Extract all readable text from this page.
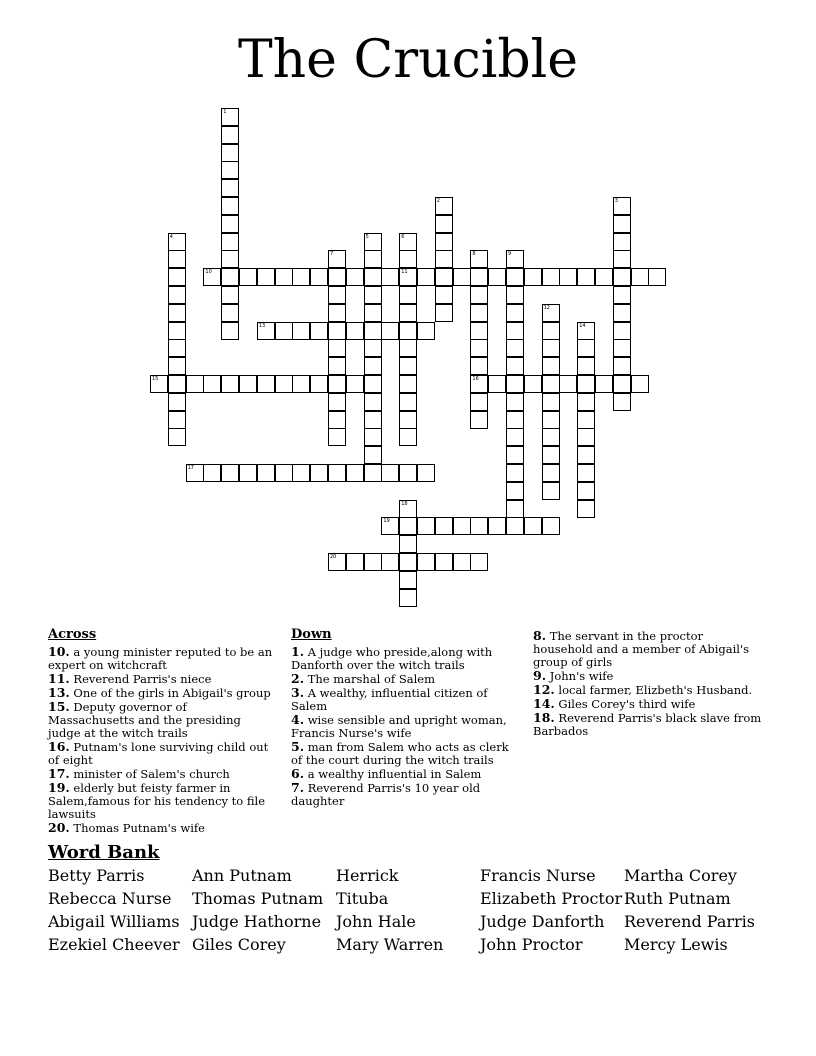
The Crucible
1
2	3
4	5	6
11
7	8
16
9
10
12
13	14
15
17
18
19
20
Across

10. a young minister reputed to be an expert on witchcraft

11. Reverend Parris's niece

13. One of the girls in Abigail's group

15. Deputy governor of Massachusetts and the presiding judge at the witch trails

16. Putnam's lone surviving child out of eight

17. minister of Salem's church

19. elderly but feisty farmer in Salem,famous for his tendency to file lawsuits

20. Thomas Putnam's wife

Down

1. A judge who preside,along with Danforth over the witch trails

2. The marshal of Salem

3. A wealthy, influential citizen of Salem

4. wise sensible and upright woman, Francis Nurse's wife

5. man from Salem who acts as clerk of the court during the witch trails

6. a wealthy influential in Salem

7. Reverend Parris's 10 year old daughter

8. The servant in the proctor household and a member of Abigail's group of girls

9. John's wife

12. local farmer, Elizbeth's Husband.

14. Giles Corey's third wife

18. Reverend Parris's black slave from Barbados

Word Bank
Betty Parris	Ann Putnam	Herrick	Francis Nurse Martha Corey
Rebecca Nurse Thomas Putnam Tituba	Elizabeth Proctor Ruth Putnam
Abigail Williams Judge Hathorne John Hale	Judge Danforth Reverend Parris
Ezekiel Cheever Giles Corey	Mary Warren John Proctor	Mercy Lewis
